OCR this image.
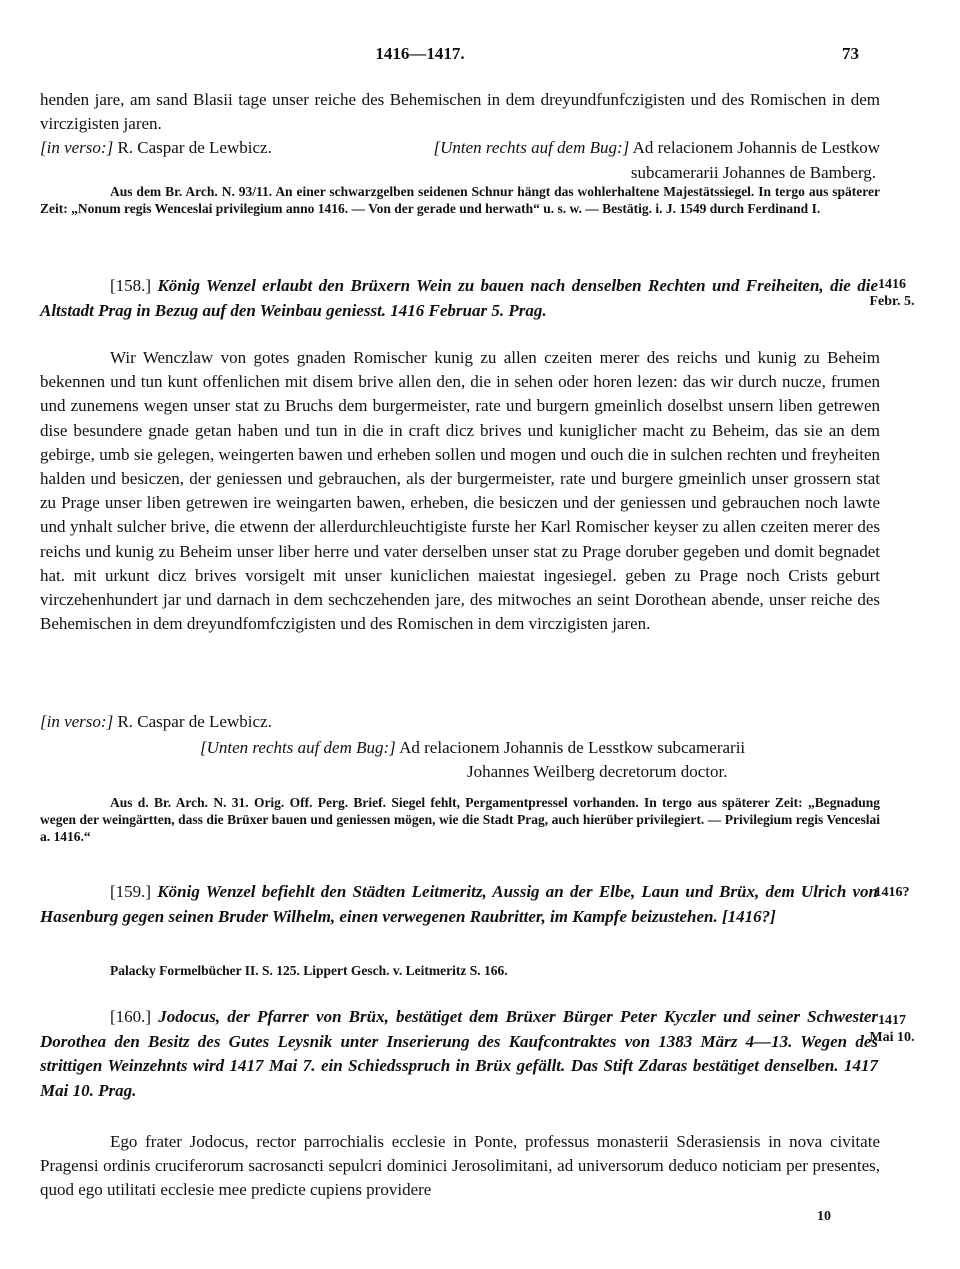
1416—1417.	73

henden jare, am sand Blasii tage unser reiche des Behemischen in dem dreyundfunfczigisten und des Romischen in dem virczigisten jaren.

[in verso:] R. Caspar de Lewbicz.	[Unten rechts auf dem Bug:] Ad relacionem Johannis de Lestkow

subcamerarii Johannes de Bamberg.

Aus dem Br. Arch. N. 93/11. An einer schwarzgelben seidenen Schnur hängt das wohlerhaltene Majestätssiegel. In tergo aus späterer Zeit: „Nonum regis Wenceslai privilegium anno 1416. — Von der gerade und herwath“ u. s. w. — Bestätig. i. J. 1549 durch Ferdinand I.
[158.] König Wenzel erlaubt den Brüxern Wein zu bauen nach denselben Rechten und Freiheiten, die die Altstadt Prag in Bezug auf den Weinbau geniesst. 1416 Februar 5. Prag.
1416
Febr. 5.
Wir Wenczlaw von gotes gnaden Romischer kunig zu allen czeiten merer des reichs und kunig zu Beheim bekennen und tun kunt offenlichen mit disem brive allen den, die in sehen oder horen lezen: das wir durch nucze, frumen und zunemens wegen unser stat zu Bruchs dem burgermeister, rate und burgern gmeinlich doselbst unsern liben getrewen dise besundere gnade getan haben und tun in die in craft dicz brives und kuniglicher macht zu Beheim, das sie an dem gebirge, umb sie gelegen, weingerten bawen und erheben sollen und mogen und ouch die in sulchen rechten und freyheiten halden und besiczen, der geniessen und gebrauchen, als der burgermeister, rate und burgere gmeinlich unser grossern stat zu Prage unser liben getrewen ire weingarten bawen, erheben, die besiczen und der geniessen und gebrauchen noch lawte und ynhalt sulcher brive, die etwenn der allerdurchleuchtigiste furste her Karl Romischer keyser zu allen czeiten merer des reichs und kunig zu Beheim unser liber herre und vater derselben unser stat zu Prage doruber gegeben und domit begnadet hat. mit urkunt dicz brives vorsigelt mit unser kuniclichen maiestat ingesiegel. geben zu Prage noch Crists geburt virczehenhundert jar und darnach in dem sechczehenden jare, des mitwoches an seint Dorothean abende, unser reiche des Behemischen in dem dreyundfomfczigisten und des Romischen in dem virczigisten jaren.
[in verso:] R. Caspar de Lewbicz.
[Unten rechts auf dem Bug:] Ad relacionem Johannis de Lesstkow subcamerarii
Johannes Weilberg decretorum doctor.
Aus d. Br. Arch. N. 31. Orig. Off. Perg. Brief. Siegel fehlt, Pergamentpressel vorhanden. In tergo aus späterer Zeit: „Begnadung wegen der weingärtten, dass die Brüxer bauen und geniessen mögen, wie die Stadt Prag, auch hierüber privilegiert. — Privilegium regis Venceslai a. 1416.“
[159.] König Wenzel befiehlt den Städten Leitmeritz, Aussig an der Elbe, Laun und Brüx, dem Ulrich von Hasenburg gegen seinen Bruder Wilhelm, einen verwegenen Raubritter, im Kampfe beizustehen. [1416?]
1416?
Palacky Formelbücher II. S. 125. Lippert Gesch. v. Leitmeritz S. 166.
[160.] Jodocus, der Pfarrer von Brüx, bestätiget dem Brüxer Bürger Peter Kyczler und seiner Schwester Dorothea den Besitz des Gutes Leysnik unter Inserierung des Kaufcontraktes von 1383 März 4—13. Wegen des strittigen Weinzehnts wird 1417 Mai 7. ein Schiedsspruch in Brüx gefällt. Das Stift Zdaras bestätiget denselben. 1417 Mai 10. Prag.
1417
Mai 10.
Ego frater Jodocus, rector parrochialis ecclesie in Ponte, professus monasterii Sderasiensis in nova civitate Pragensi ordinis cruciferorum sacrosancti sepulcri dominici Jerosolimitani, ad universorum deduco noticiam per presentes, quod ego utilitati ecclesie mee predicte cupiens providere
10
